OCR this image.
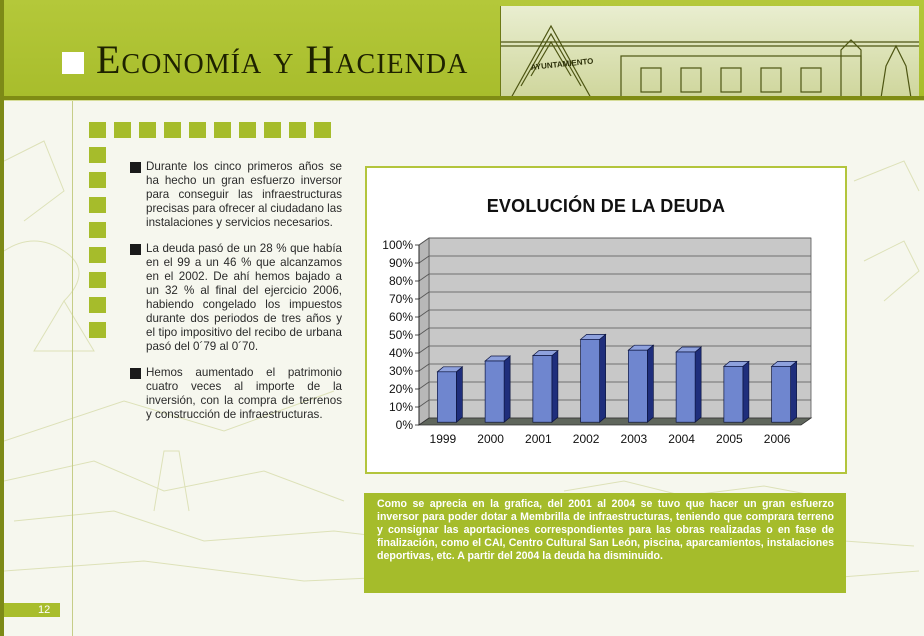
AYUNTAMIENTO
Economía y Hacienda
Durante los cinco primeros años se ha hecho un gran esfuerzo inversor para conseguir las infraestructuras precisas para ofrecer al ciudadano las instalaciones y servicios necesarios.
La deuda pasó de un 28 % que había en el 99 a un 46 % que alcanzamos en el 2002. De ahí hemos bajado a un 32 % al final del ejercicio 2006, habiendo congelado los impuestos durante dos periodos de tres años y el tipo impositivo del recibo de urbana pasó del 0´79 al 0´70.
Hemos aumentado el patrimonio cuatro veces al importe de la inversión, con la compra de terrenos y construcción de infraestructuras.
0%
10%
20%
30%
40%
50%
60%
70%
80%
90%
100%
1999 2000 2001 2002 2003 2004 2005 2006
EVOLUCIÓN DE LA DEUDA

Como se aprecia en la grafica, del 2001 al 2004 se tuvo que hacer un gran esfuerzo inversor para poder dotar a Membrilla de infraestructuras, teniendo que comprara terreno y consignar las aportaciones correspondientes para las obras realizadas o en fase de finalización, como el CAI, Centro Cultural San León, piscina, aparcamientos, instalaciones deportivas, etc. A partir del 2004 la deuda ha disminuido.

12
